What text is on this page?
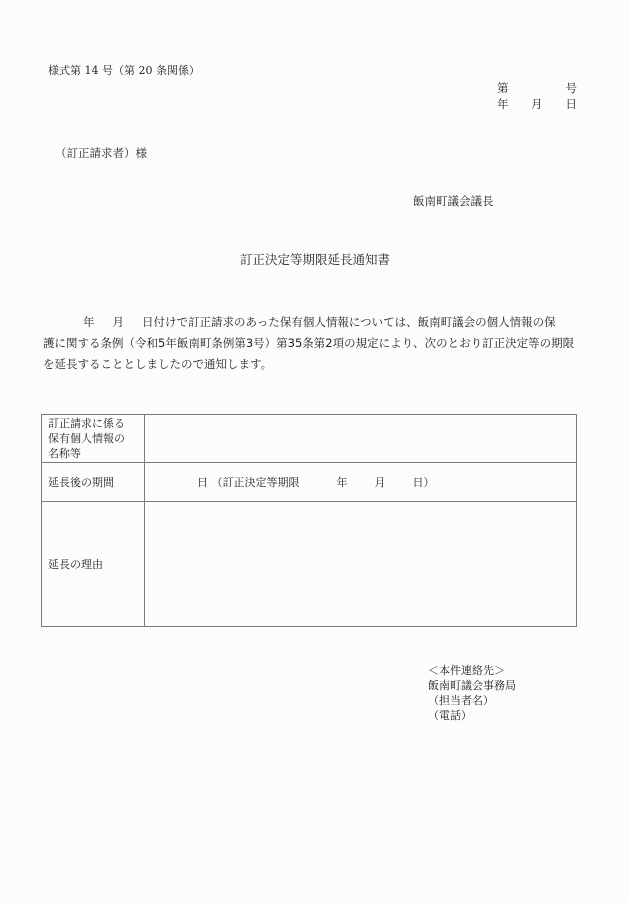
様式第 14 号（第 20 条関係）
第	号
年 月 日
（訂正請求者）様
飯南町議会議長
訂正決定等期限延長通知書
年 月 日付けで訂正請求のあった保有個人情報については、飯南町議会の個人情報の保
護に関する条例（令和5年飯南町条例第3号）第35条第2項の規定により、次のとおり訂正決定等の期限
を延長することとしましたので通知します。
訂正請求に係る
保有個人情報の
名称等	
延長後の期間	日 （訂正決定等期限 年 月 日）
延長の理由	
＜本件連絡先＞
飯南町議会事務局
（担当者名）
（電話）
